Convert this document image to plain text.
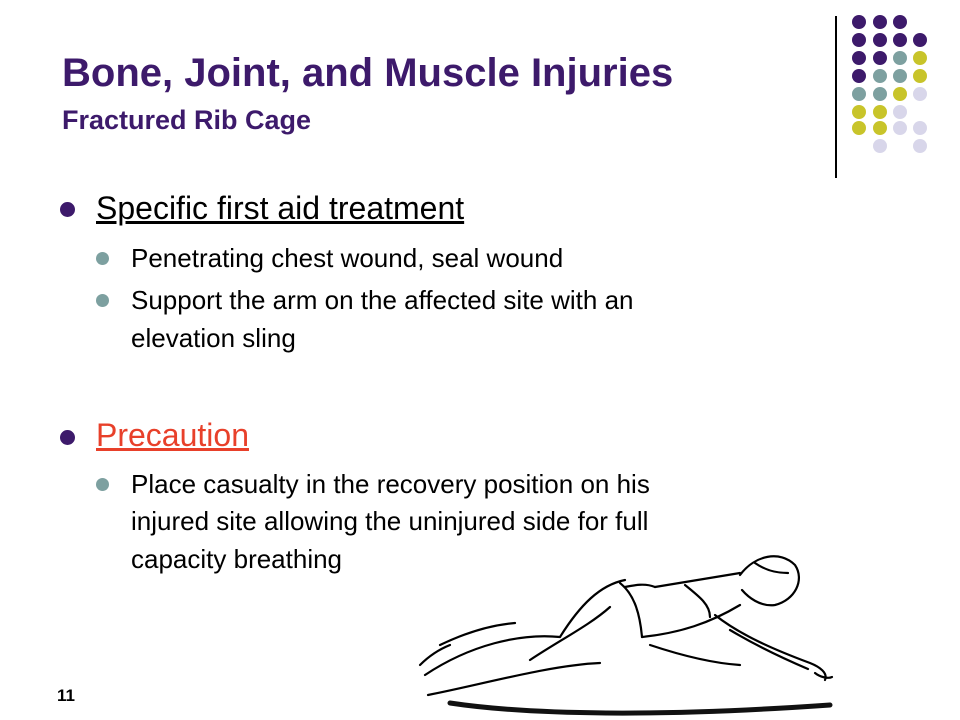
Bone, Joint, and Muscle Injuries
Fractured Rib Cage
Specific first aid treatment
Penetrating chest wound, seal wound
Support the arm on the affected site with an
elevation sling
Precaution
Place casualty in the recovery position on his
injured site allowing the uninjured side for full
capacity breathing
11
